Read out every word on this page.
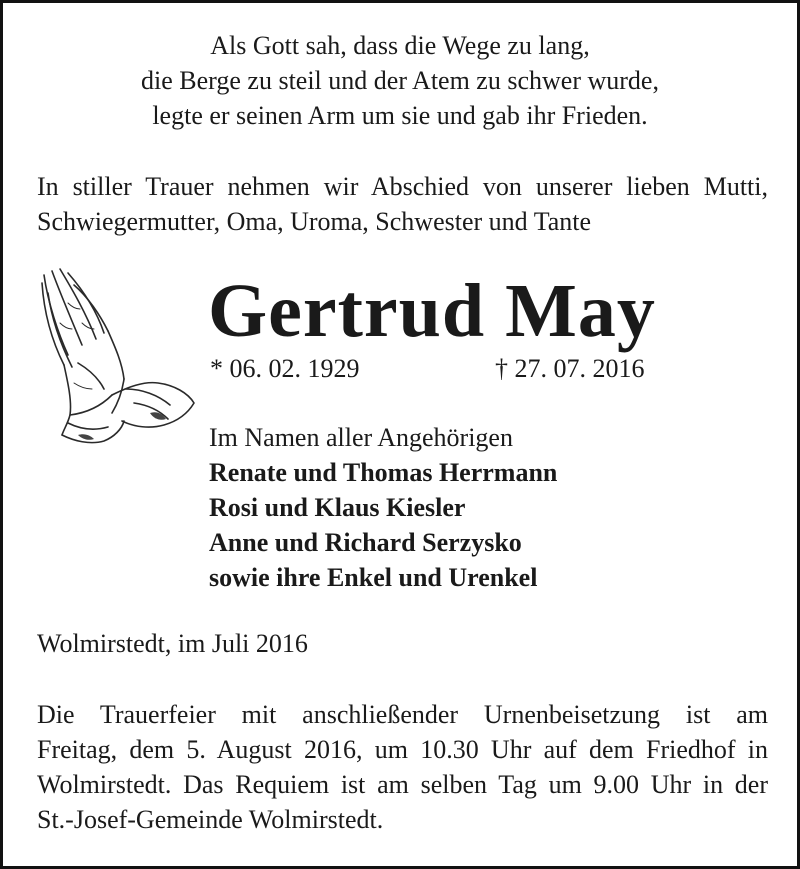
Als Gott sah, dass die Wege zu lang,
die Berge zu steil und der Atem zu schwer wurde,
legte er seinen Arm um sie und gab ihr Frieden.
In stiller Trauer nehmen wir Abschied von unserer lieben Mutti,
Schwiegermutter, Oma, Uroma, Schwester und Tante
Gertrud May
* 06. 02. 1929	† 27. 07. 2016
Im Namen aller Angehörigen
Renate und Thomas Herrmann
Rosi und Klaus Kiesler
Anne und Richard Serzysko
sowie ihre Enkel und Urenkel
Wolmirstedt, im Juli 2016
Die Trauerfeier mit anschließender Urnenbeisetzung ist am
Freitag, dem 5. August 2016, um 10.30 Uhr auf dem Friedhof in
Wolmirstedt. Das Requiem ist am selben Tag um 9.00 Uhr in der
St.-Josef-Gemeinde Wolmirstedt.
